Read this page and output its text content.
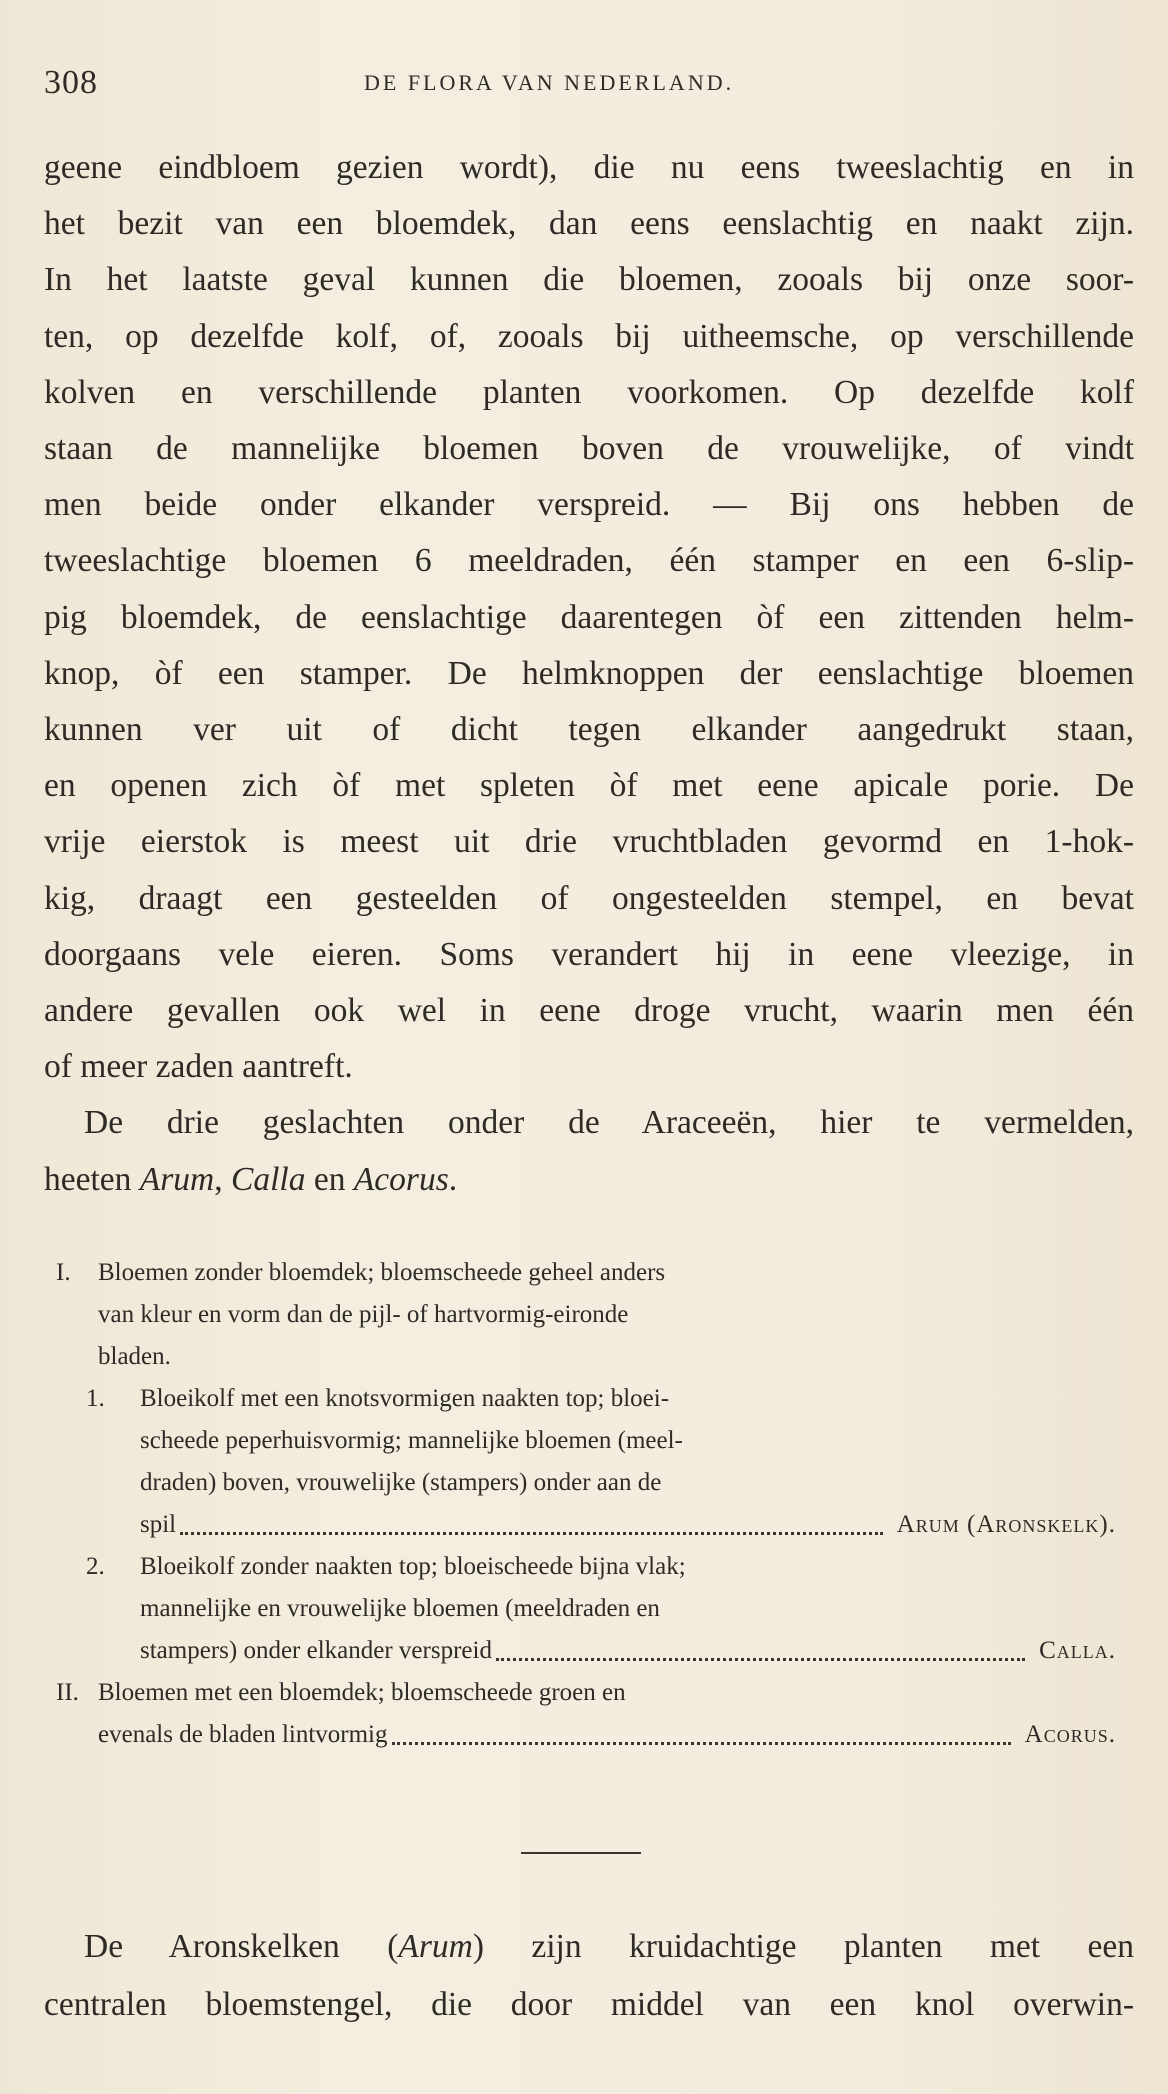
308	DE FLORA VAN NEDERLAND.
geene eindbloem gezien wordt), die nu eens tweeslachtig en in
het bezit van een bloemdek, dan eens eenslachtig en naakt zijn.
In het laatste geval kunnen die bloemen, zooals bij onze soor-
ten, op dezelfde kolf, of, zooals bij uitheemsche, op verschillende
kolven en verschillende planten voorkomen. Op dezelfde kolf
staan de mannelijke bloemen boven de vrouwelijke, of vindt
men beide onder elkander verspreid. — Bij ons hebben de
tweeslachtige bloemen 6 meeldraden, één stamper en een 6-slip-
pig bloemdek, de eenslachtige daarentegen òf een zittenden helm-
knop, òf een stamper. De helmknoppen der eenslachtige bloemen
kunnen ver uit of dicht tegen elkander aangedrukt staan,
en openen zich òf met spleten òf met eene apicale porie. De
vrije eierstok is meest uit drie vruchtbladen gevormd en 1-hok-
kig, draagt een gesteelden of ongesteelden stempel, en bevat
doorgaans vele eieren. Soms verandert hij in eene vleezige, in
andere gevallen ook wel in eene droge vrucht, waarin men één
of meer zaden aantreft.
De drie geslachten onder de Araceeën, hier te vermelden,
heeten Arum, Calla en Acorus.
I. Bloemen zonder bloemdek; bloemscheede geheel anders
van kleur en vorm dan de pijl- of hartvormig-eironde
bladen.
1. Bloeikolf met een knotsvormigen naakten top; bloei-
scheede peperhuisvormig; mannelijke bloemen (meel-
draden) boven, vrouwelijke (stampers) onder aan de
spil	Arum (Aronskelk).
2. Bloeikolf zonder naakten top; bloeischeede bijna vlak;
mannelijke en vrouwelijke bloemen (meeldraden en
stampers) onder elkander verspreid	Calla.
II. Bloemen met een bloemdek; bloemscheede groen en
evenals de bladen lintvormig	Acorus.
De Aronskelken (Arum) zijn kruidachtige planten met een
centralen bloemstengel, die door middel van een knol overwin-
